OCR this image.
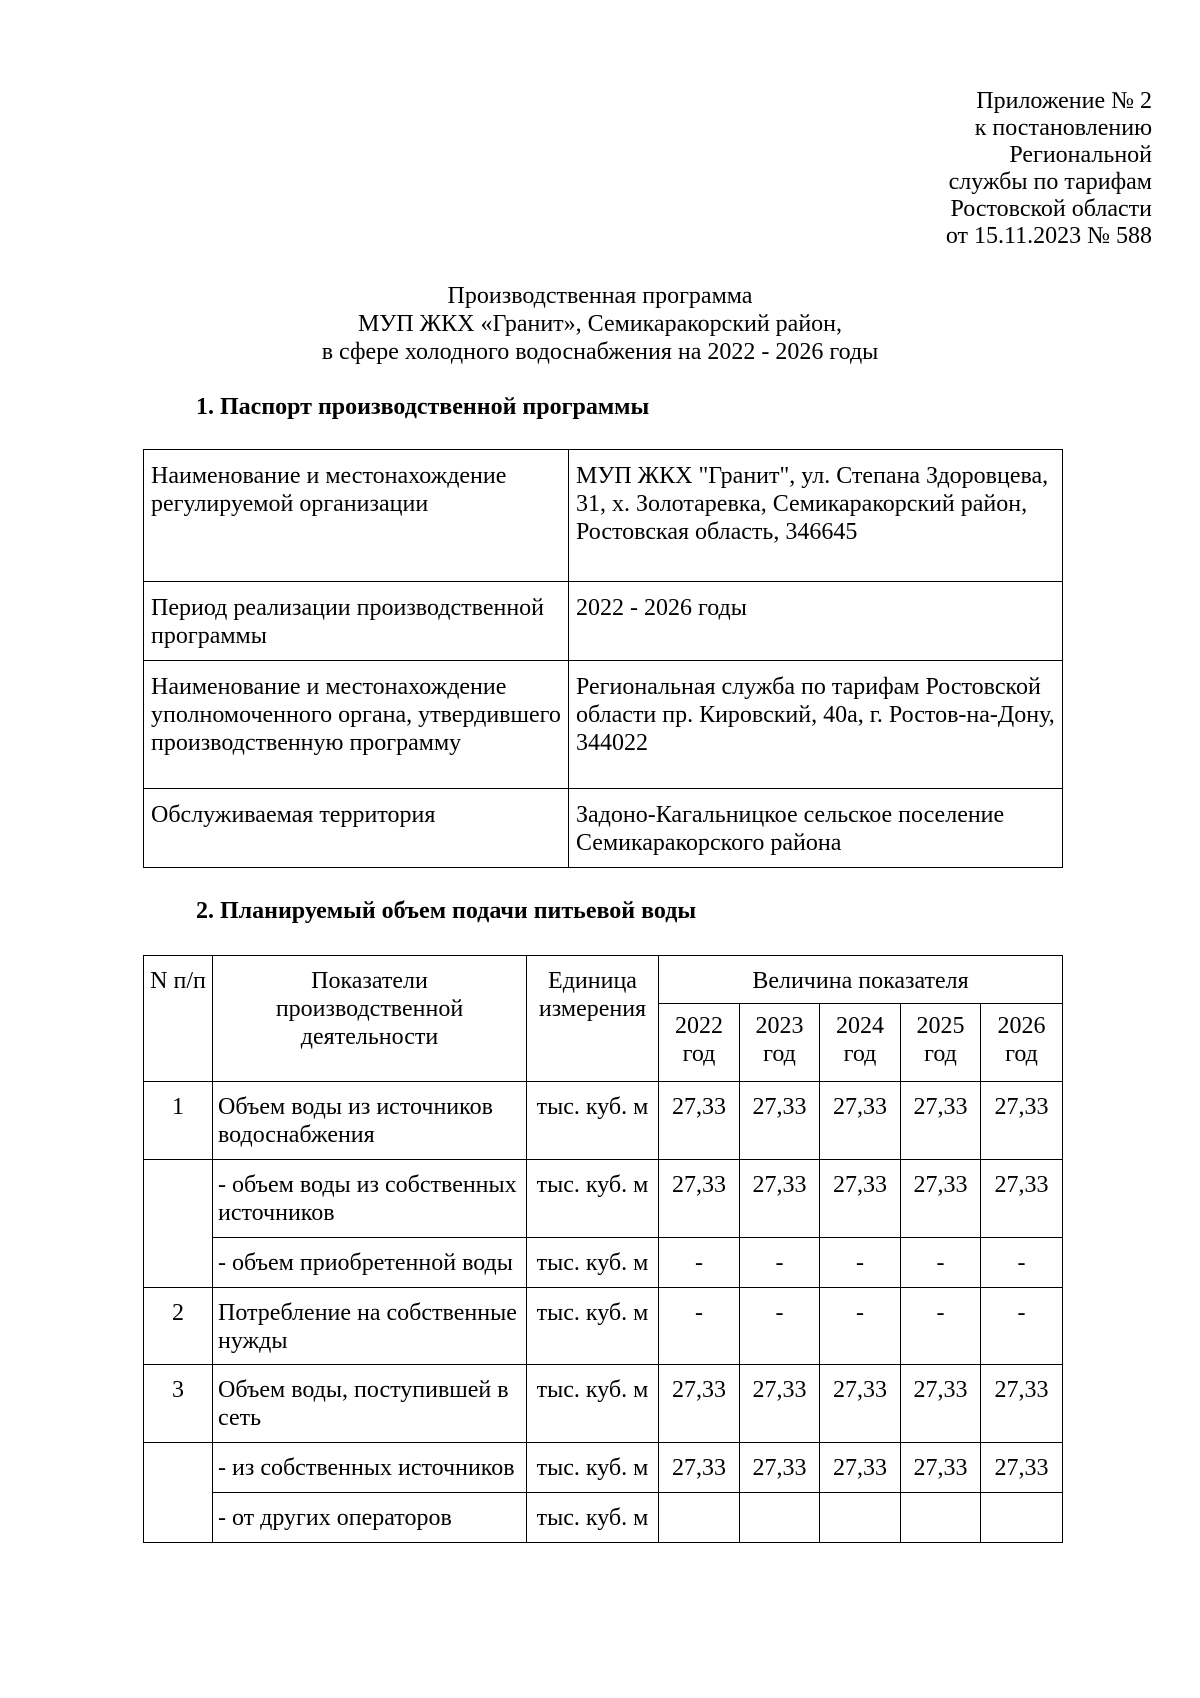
Приложение № 2
к постановлению
Региональной
службы по тарифам
Ростовской области
от 15.11.2023 № 588
Производственная программа
МУП ЖКХ «Гранит», Семикаракорский район,
в сфере холодного водоснабжения на 2022 - 2026 годы
1. Паспорт производственной программы
Наименование и местонахождение регулируемой организации	МУП ЖКХ "Гранит", ул. Степана Здоровцева, 31, х. Золотаревка, Семикаракорский район, Ростовская область, 346645
Период реализации производственной программы	2022 - 2026 годы
Наименование и местонахождение уполномоченного органа, утвердившего производственную программу	Региональная служба по тарифам Ростовской области пр. Кировский, 40а, г. Ростов-на-Дону, 344022
Обслуживаемая территория	Задоно-Кагальницкое сельское поселение Семикаракорского района
2. Планируемый объем подачи питьевой воды
N п/п	Показатели производственной деятельности	Единица измерения	Величина показателя				
			2022 год	2023 год	2024 год	2025 год	2026 год
1	Объем воды из источников водоснабжения	тыс. куб. м	27,33	27,33	27,33	27,33	27,33
	- объем воды из собственных источников	тыс. куб. м	27,33	27,33	27,33	27,33	27,33
	- объем приобретенной воды	тыс. куб. м	-	-	-	-	-
2	Потребление на собственные нужды	тыс. куб. м	-	-	-	-	-
3	Объем воды, поступившей в сеть	тыс. куб. м	27,33	27,33	27,33	27,33	27,33
	- из собственных источников	тыс. куб. м	27,33	27,33	27,33	27,33	27,33
	- от других операторов	тыс. куб. м					
